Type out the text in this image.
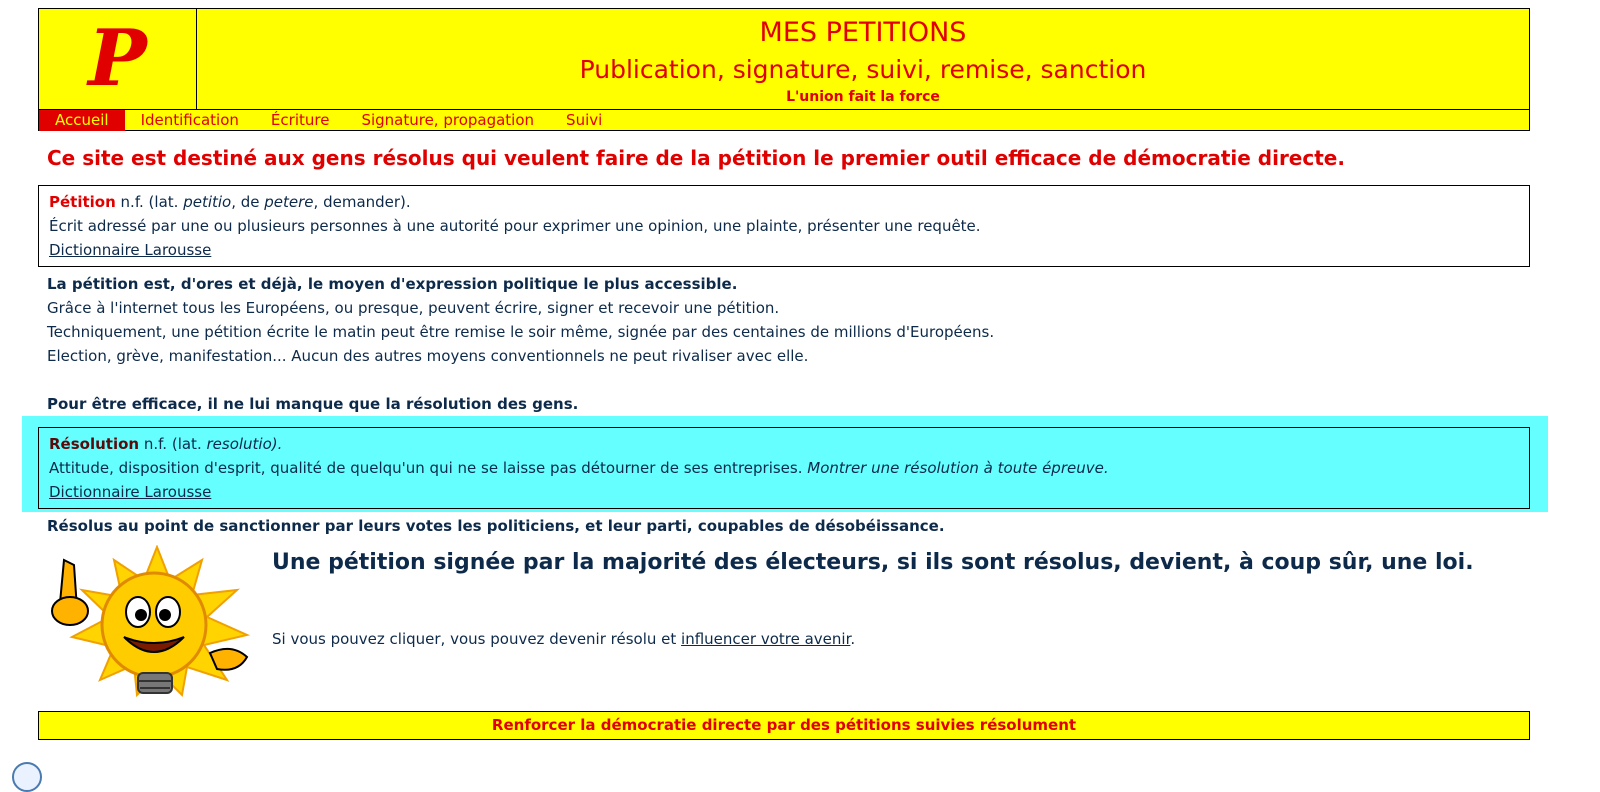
P	MES PETITIONS
Publication, signature, suivi, remise, sanction
L'union fait la force
Accueil	Identification	Écriture	Signature, propagation	Suivi
Ce site est destiné aux gens résolus qui veulent faire de la pétition le premier outil efficace de démocratie directe.

Pétition n.f. (lat. petitio, de petere, demander).

Écrit adressé par une ou plusieurs personnes à une autorité pour exprimer une opinion, une plainte, présenter une requête.

Dictionnaire Larousse

La pétition est, d'ores et déjà, le moyen d'expression politique le plus accessible.

Grâce à l'internet tous les Européens, ou presque, peuvent écrire, signer et recevoir une pétition.

Techniquement, une pétition écrite le matin peut être remise le soir même, signée par des centaines de millions d'Européens.

Election, grève, manifestation... Aucun des autres moyens conventionnels ne peut rivaliser avec elle.

Pour être efficace, il ne lui manque que la résolution des gens.

Résolution n.f. (lat. resolutio).

Attitude, disposition d'esprit, qualité de quelqu'un qui ne se laisse pas détourner de ses entreprises. Montrer une résolution à toute épreuve.

Dictionnaire Larousse

Résolus au point de sanctionner par leurs votes les politiciens, et leur parti, coupables de désobéissance.

Une pétition signée par la majorité des électeurs, si ils sont résolus, devient, à coup sûr, une loi.
Si vous pouvez cliquer, vous pouvez devenir résolu et influencer votre avenir.
Renforcer la démocratie directe par des pétitions suivies résolument
